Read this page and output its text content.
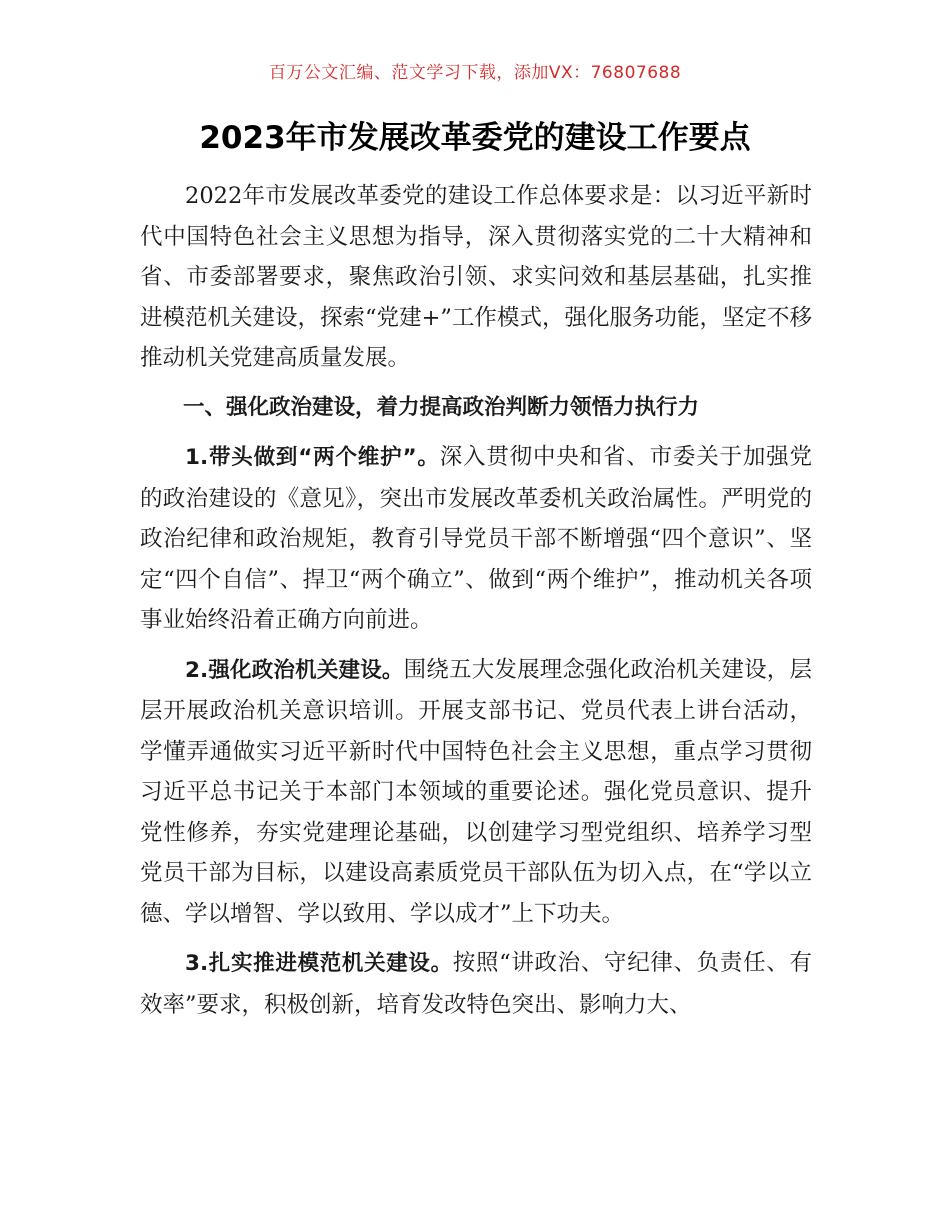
百万公文汇编、范文学习下载，添加VX：76807688
2023年市发展改革委党的建设工作要点

2022年市发展改革委党的建设工作总体要求是：以习近平新时代中国特色社会主义思想为指导，深入贯彻落实党的二十大精神和省、市委部署要求，聚焦政治引领、求实问效和基层基础，扎实推进模范机关建设，探索“党建+”工作模式，强化服务功能，坚定不移推动机关党建高质量发展。

一、强化政治建设，着力提高政治判断力领悟力执行力

1.带头做到“两个维护”。深入贯彻中央和省、市委关于加强党的政治建设的《意见》，突出市发展改革委机关政治属性。严明党的政治纪律和政治规矩，教育引导党员干部不断增强“四个意识”、坚定“四个自信”、捍卫“两个确立”、做到“两个维护”，推动机关各项事业始终沿着正确方向前进。

2.强化政治机关建设。围绕五大发展理念强化政治机关建设，层层开展政治机关意识培训。开展支部书记、党员代表上讲台活动，学懂弄通做实习近平新时代中国特色社会主义思想，重点学习贯彻习近平总书记关于本部门本领域的重要论述。强化党员意识、提升党性修养，夯实党建理论基础，以创建学习型党组织、培养学习型党员干部为目标，以建设高素质党员干部队伍为切入点，在“学以立德、学以增智、学以致用、学以成才”上下功夫。

3.扎实推进模范机关建设。按照“讲政治、守纪律、负责任、有效率”要求，积极创新，培育发改特色突出、影响力大、
